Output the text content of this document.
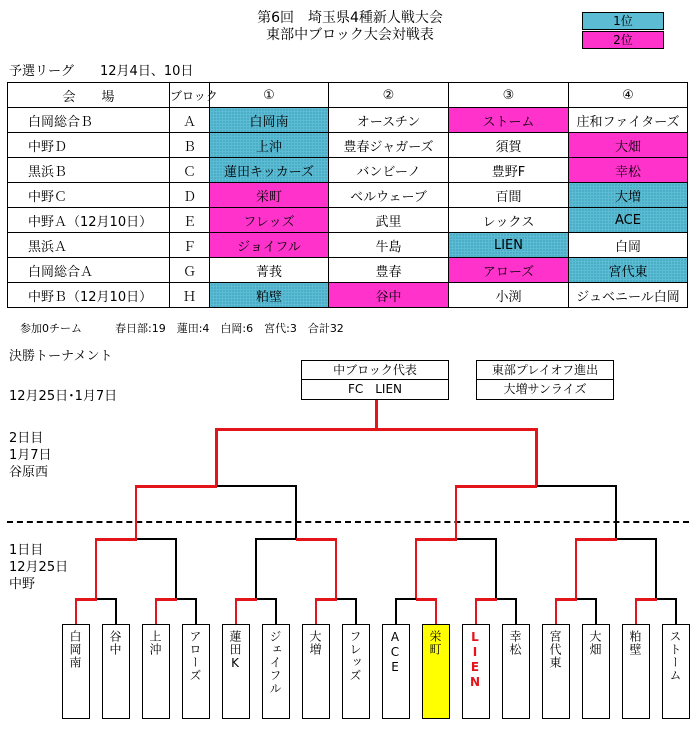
第6回　埼玉県4種新人戦大会
東部中ブロック大会対戦表
1位
2位
予選リーグ　　12月4日、10日
会　　場	ブロック	①	②	③	④
白岡総合Ｂ	Ａ	白岡南	オースチン	ストーム	庄和ファイターズ
中野Ｄ	Ｂ	上沖	豊春ジャガーズ	須賀	大畑
黒浜Ｂ	Ｃ	蓮田キッカーズ	バンビーノ	豊野F	幸松
中野Ｃ	Ｄ	栄町	ベルウェーブ	百間	大増
中野Ａ（12月10日）	Ｅ	フレッズ	武里	レックス	ACE
黒浜Ａ	Ｆ	ジョイフル	牛島	LIEN	白岡
白岡総合Ａ	Ｇ	菁莪	豊春	アローズ	宮代東
中野Ｂ（12月10日）	Ｈ	粕壁	谷中	小渕	ジュベニール白岡
参加0チーム　　　春日部:19　蓮田:4　白岡:6　宮代:3　合計32
決勝トーナメント
12月25日･1月7日
2日目
1月7日
谷原西
1日目
12月25日
中野
中ブロック代表
FC　LIEN
東部プレイオフ進出
大増サンライズ
白岡南	谷中	上沖	アローズ	蓮田K	ジェイフル	大増	フレッズ	ACE	栄町	LIEN	幸松	宮代東	大畑	粕壁	ストーム
